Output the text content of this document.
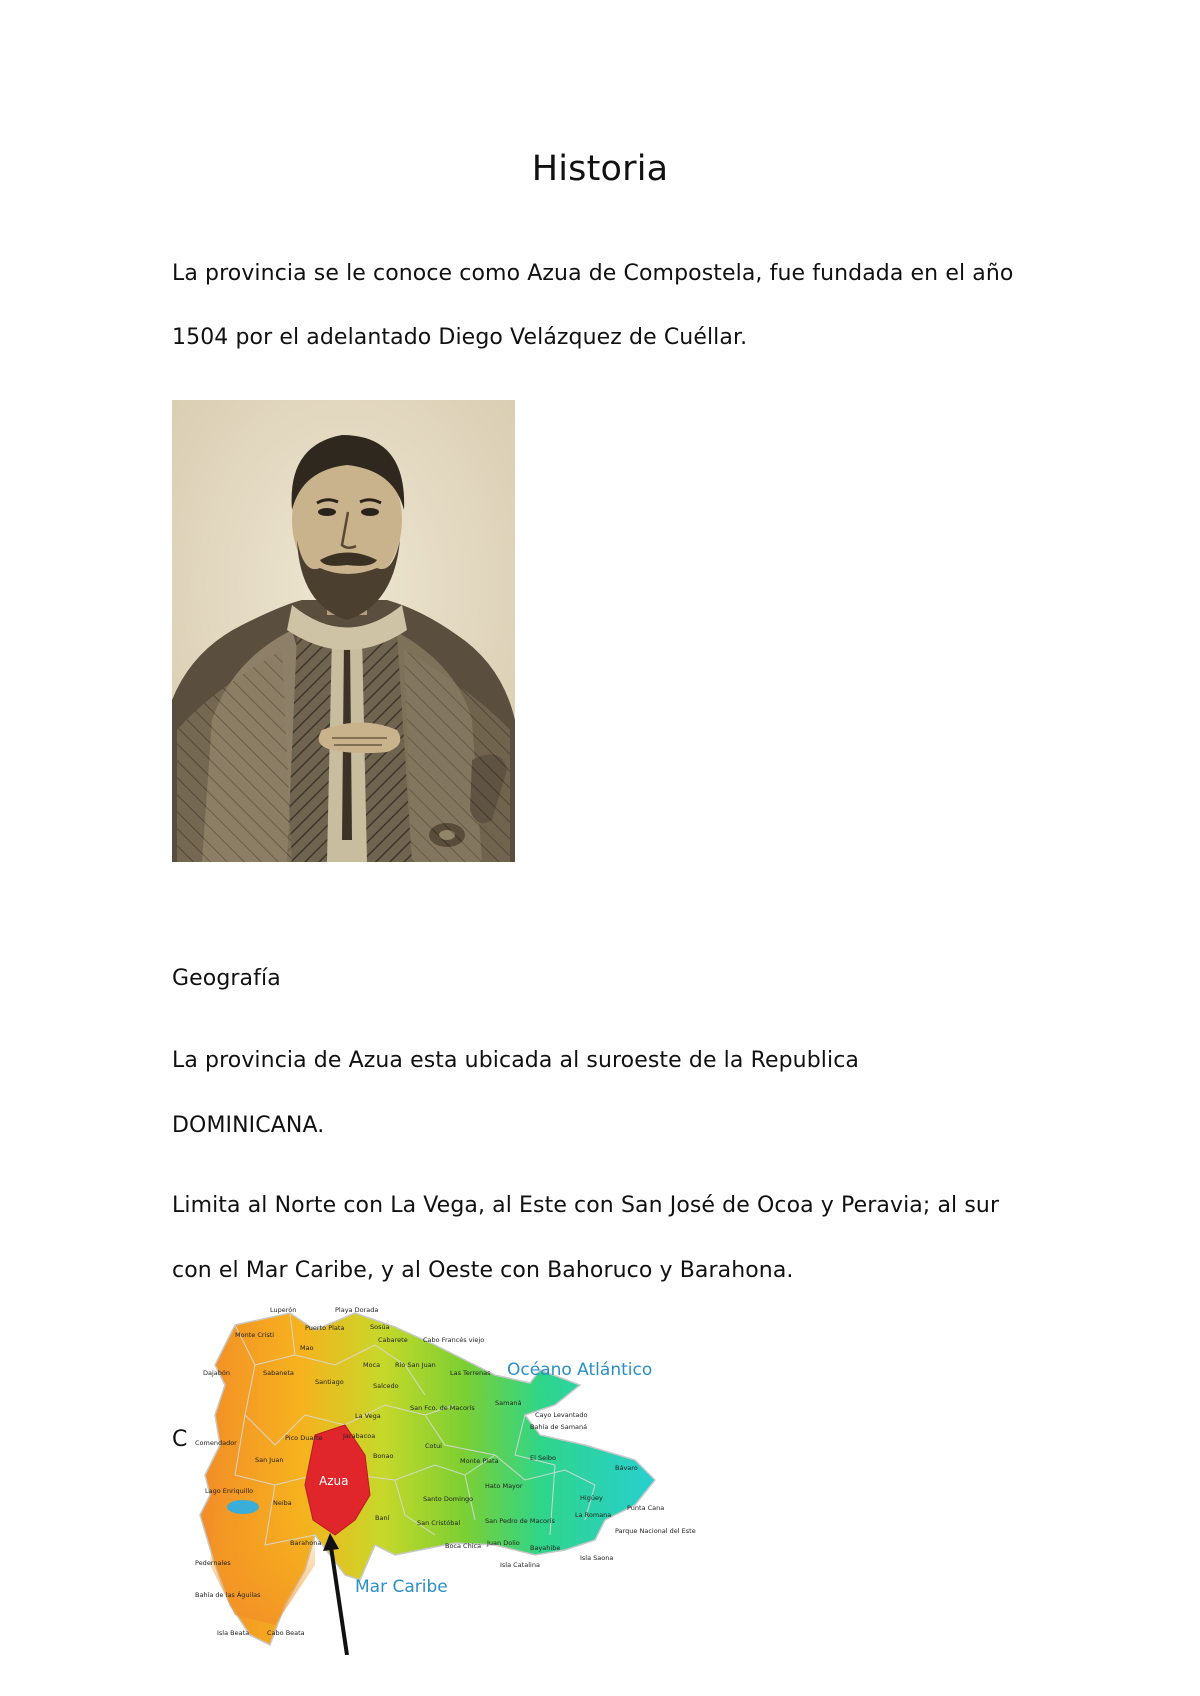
Historia
La provincia se le conoce como Azua de Compostela, fue fundada en el año
1504 por el adelantado Diego Velázquez de Cuéllar.
Geografía
La provincia de Azua esta ubicada al suroeste de la Republica
DOMINICANA.
Limita al Norte con La Vega, al Este con San José de Ocoa y Peravia; al sur
con el Mar Caribe, y al Oeste con Bahoruco y Barahona.
C
Océano Atlántico
Mar Caribe
Azua
Luperón	Playa Dorada
Puerto Plata	Sosúa
Cabarete Cabo Francés viejo
Monte Cristi
Mao
Moca Río San Juan
Las Terrenas
Dajabón	Sabaneta
Santiago	Salcedo
Samaná
Cayo Levantado
Bahía de Samaná
La Vega
San Fco. de Macorís
Comendador
Jarabacoa
Pico Duarte
San Juan	Bonao
Cotui
Monte Plata	El Seibo
Hato Mayor
Bávaro
Lago Enriquillo
Neiba	Santo Domingo	Higüey
La Romana
Punta Cana
Baní
San Cristóbal	San Pedro de Macorís
Parque Nacional del Este
Barahona	Boca Chica Juan Dolio
Bayahibe
Isla Saona
Isla Catalina
Pedernales
Bahía de las Águilas
Isla Beata	Cabo Beata
